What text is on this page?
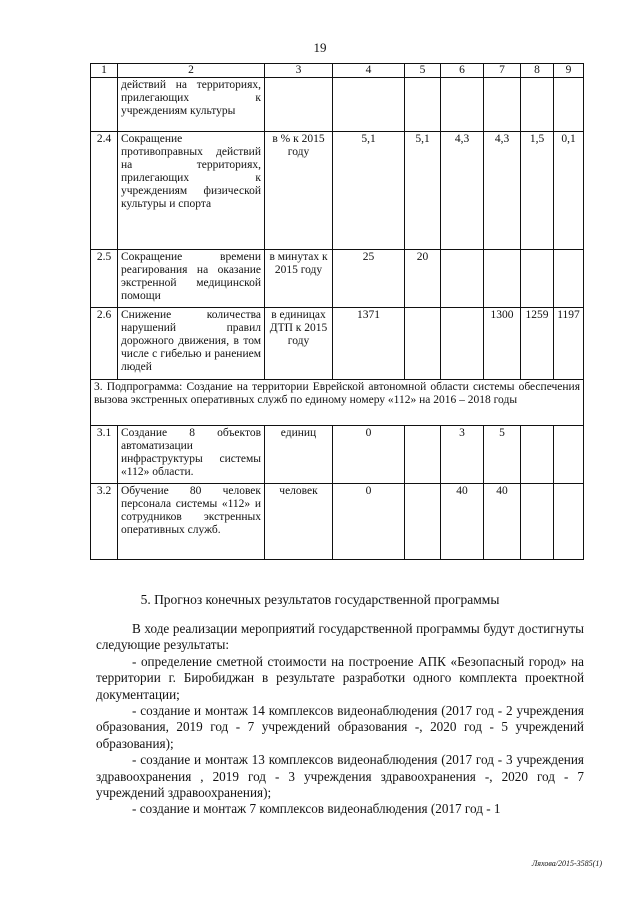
19
1	2	3	4	5	6	7	8	9
	действий на территориях, прилегающих к учреждениям культуры							
2.4	Сокращение противоправных действий на территориях, прилегающих к учреждениям физической культуры и спорта	в % к 2015 году	5,1	5,1	4,3	4,3	1,5	0,1
2.5	Сокращение времени реагирования на оказание экстренной медицинской помощи	в минутах к 2015 году	25	20				
2.6	Снижение количества нарушений правил дорожного движения, в том числе с гибелью и ранением людей	в единицах ДТП к 2015 году	1371			1300	1259	1197
3. Подпрограмма: Создание на территории Еврейской автономной области системы обеспечения вызова экстренных оперативных служб по единому номеру «112» на 2016 – 2018 годы								
3.1	Создание 8 объектов автоматизации инфраструктуры системы «112» области.	единиц	0		3	5		
3.2	Обучение 80 человек персонала системы «112» и сотрудников экстренных оперативных служб.	человек	0		40	40		
5. Прогноз конечных результатов государственной программы

В ходе реализации мероприятий государственной программы будут достигнуты следующие результаты:

- определение сметной стоимости на построение АПК «Безопасный город» на территории г. Биробиджан в результате разработки одного комплекта проектной документации;

- создание и монтаж 14 комплексов видеонаблюдения (2017 год - 2 учреждения образования, 2019 год - 7 учреждений образования -, 2020 год - 5 учреждений образования);

- создание и монтаж 13 комплексов видеонаблюдения (2017 год - 3 учреждения здравоохранения , 2019 год - 3 учреждения здравоохранения -, 2020 год - 7 учреждений здравоохранения);

- создание и монтаж 7 комплексов видеонаблюдения (2017 год - 1

Ляхова/2015-3585(1)
